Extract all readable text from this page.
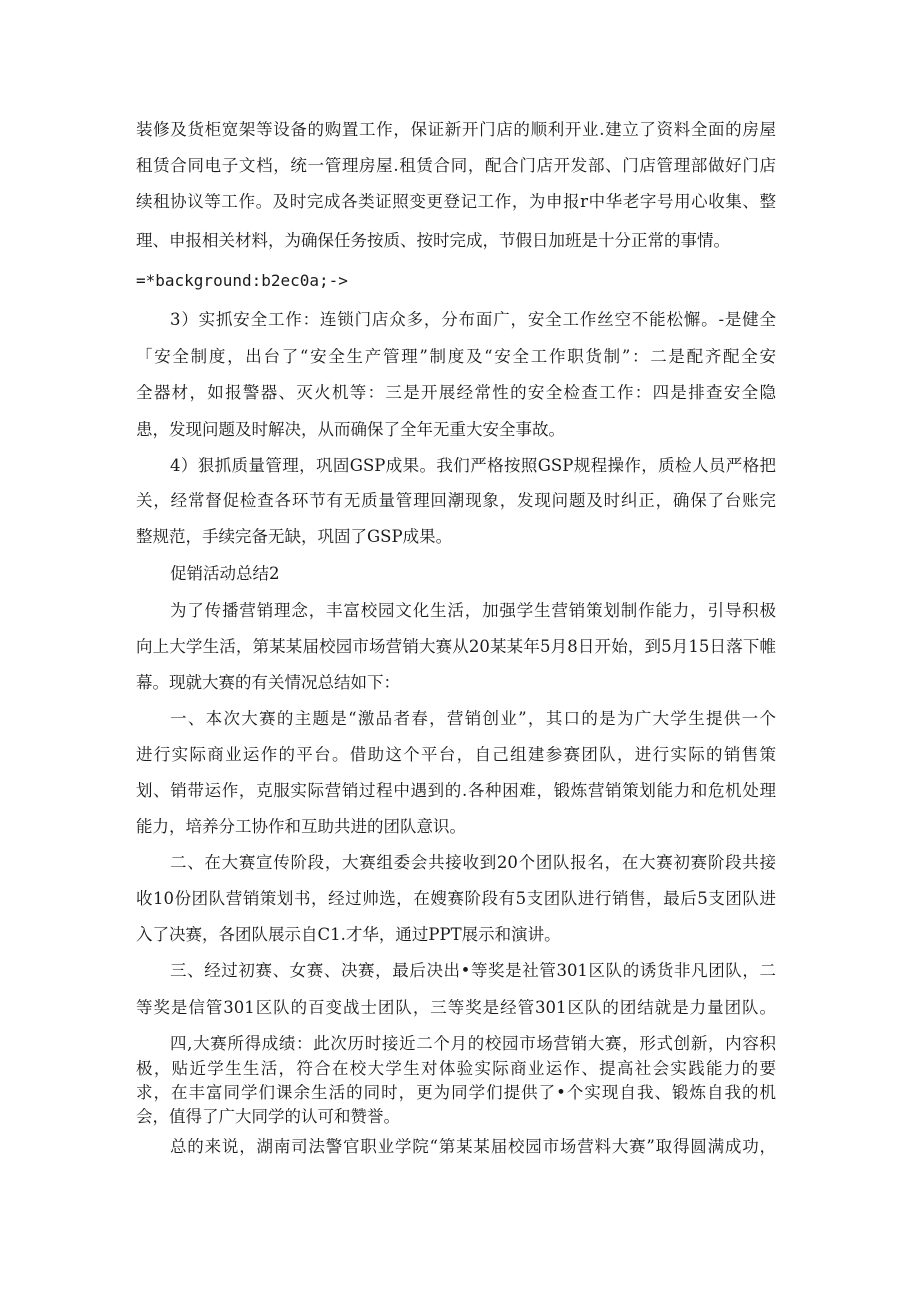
装修及货柜宽架等设备的购置工作，保证新开门店的顺利开业.建立了资料全面的房屋
租赁合同电子文档，统一管理房屋.租赁合同，配合门店开发部、门店管理部做好门店
续租协议等工作。及时完成各类证照变更登记工作，为申报r中华老字号用心收集、整
理、申报相关材料，为确保任务按质、按时完成，节假日加班是十分正常的事情。
=*background:b2ec0a;->
3）实抓安全工作：连锁门店众多，分布面广，安全工作丝空不能松懈。-是健全
「安全制度，出台了“安全生产管理”制度及“安全工作职货制”：二是配齐配全安
全器材，如报警器、灭火机等：三是开展经常性的安全检查工作：四是排查安全隐
患，发现问题及时解决，从而确保了全年无重大安全事故。
4）狠抓质量管理，巩固GSP成果。我们严格按照GSP规程操作，质检人员严格把
关，经常督促检查各环节有无质量管理回潮现象，发现问题及时纠正，确保了台账完
整规范，手续完备无缺，巩固了GSP成果。
促销活动总结2
为了传播营销理念，丰富校园文化生活，加强学生营销策划制作能力，引导积极
向上大学生活，第某某届校园市场营销大赛从20某某年5月8日开始，到5月15日落下帷
幕。现就大赛的有关情况总结如下：
一、本次大赛的主题是“激品者春，营销创业”，其口的是为广大学生提供一个
进行实际商业运作的平台。借助这个平台，自己组建参赛团队，进行实际的销售策
划、销带运作，克服实际营销过程中遇到的.各种困难，锻炼营销策划能力和危机处理
能力，培养分工协作和互助共进的团队意识。
二、在大赛宣传阶段，大赛组委会共接收到20个团队报名，在大赛初赛阶段共接
收10份团队营销策划书，经过帅选，在嫂赛阶段有5支团队进行销售，最后5支团队进
入了决赛，各团队展示自C1.才华，通过PPT展示和演讲。
三、经过初赛、女赛、决赛，最后决出•等奖是社管301区队的诱货非凡团队，二
等奖是信管301区队的百变战士团队，三等奖是经管301区队的团结就是力量团队。
四,大赛所得成绩：此次历时接近二个月的校园市场营销大赛，形式创新，内容积
极，贴近学生生活，符合在校大学生对体验实际商业运作、提高社会实践能力的要
求，在丰富同学们课余生活的同时，更为同学们提供了•个实现自我、锻炼自我的机
会，值得了广大同学的认可和赞誉。
总的来说，湖南司法警官职业学院“第某某届校园市场营料大赛”取得圆满成功，
